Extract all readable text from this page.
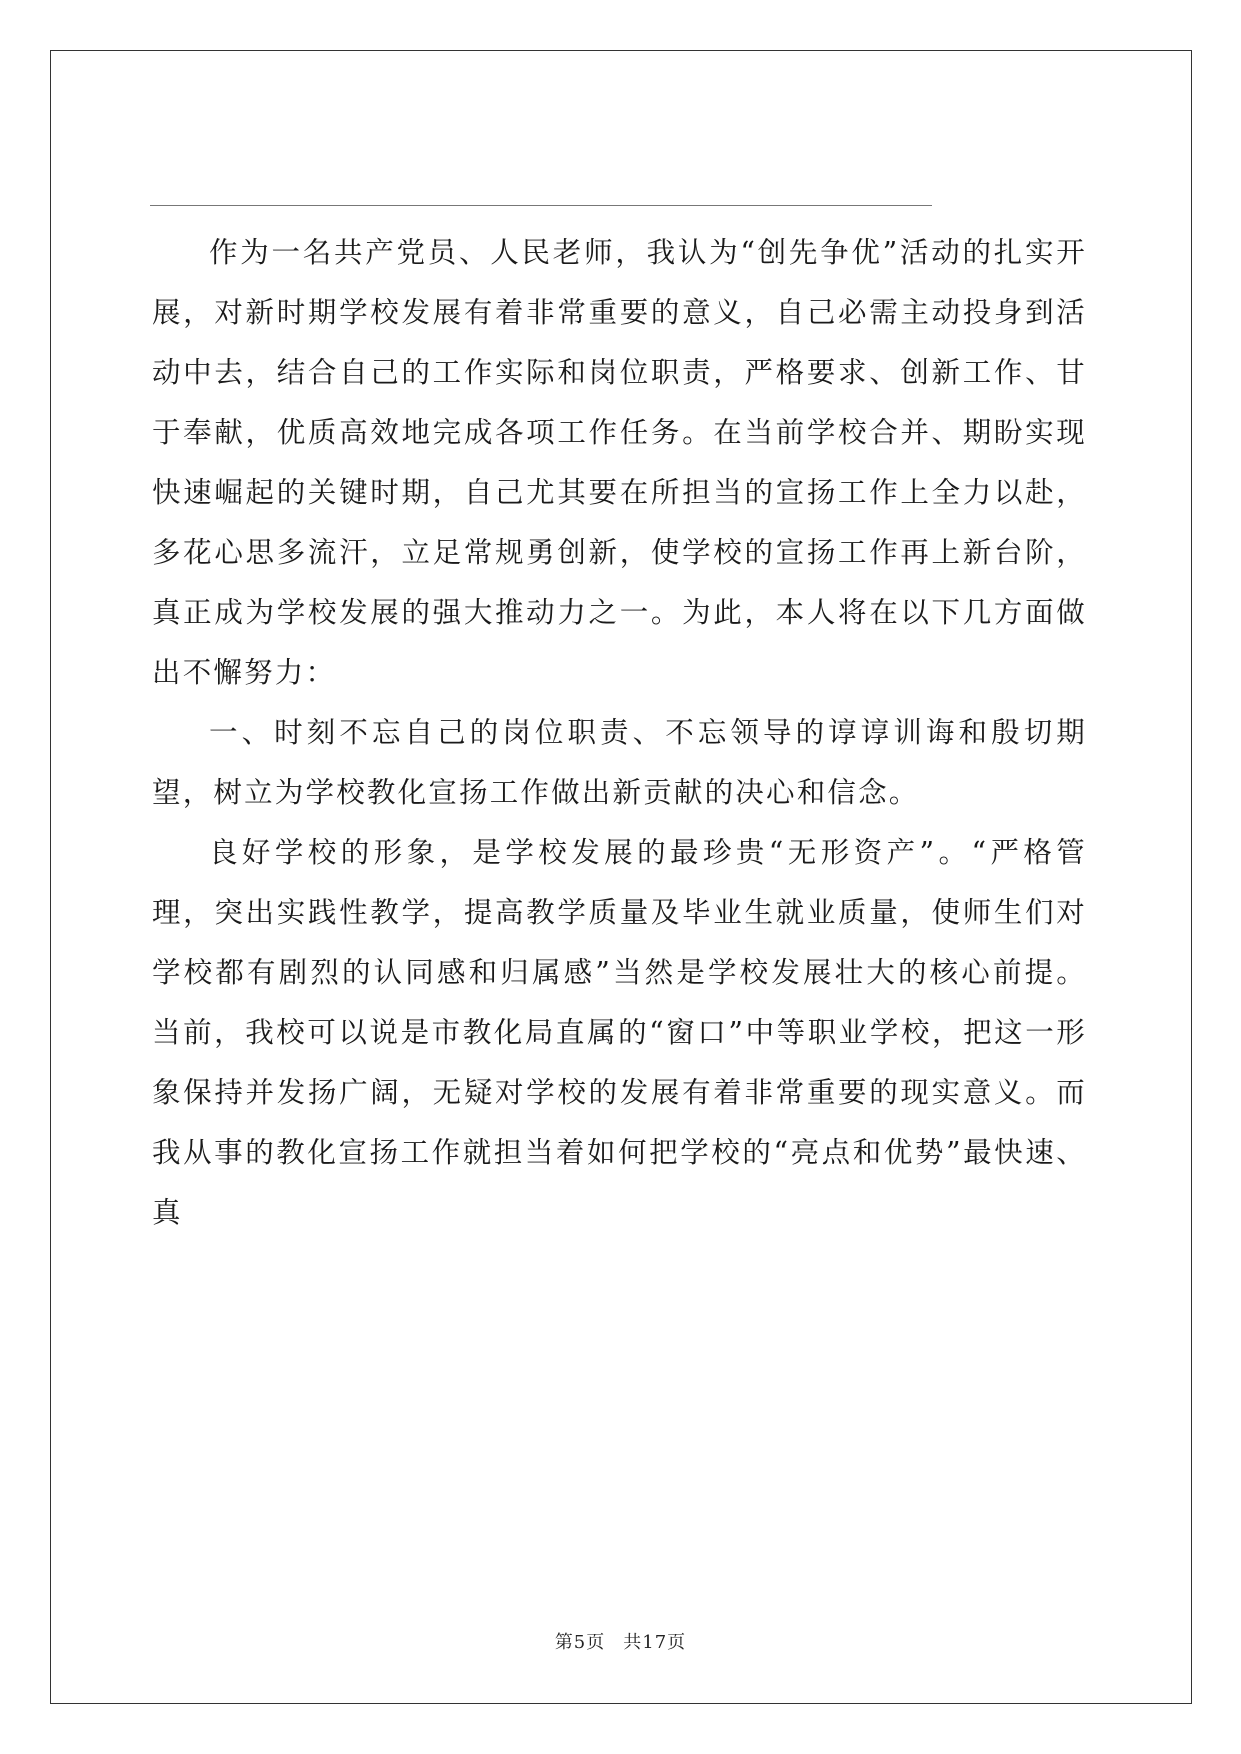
作为一名共产党员、人民老师，我认为“创先争优”活动的扎实开展，对新时期学校发展有着非常重要的意义，自己必需主动投身到活动中去，结合自己的工作实际和岗位职责，严格要求、创新工作、甘于奉献，优质高效地完成各项工作任务。在当前学校合并、期盼实现快速崛起的关键时期，自己尤其要在所担当的宣扬工作上全力以赴，多花心思多流汗，立足常规勇创新，使学校的宣扬工作再上新台阶，真正成为学校发展的强大推动力之一。为此，本人将在以下几方面做出不懈努力：

一、时刻不忘自己的岗位职责、不忘领导的谆谆训诲和殷切期望，树立为学校教化宣扬工作做出新贡献的决心和信念。

良好学校的形象，是学校发展的最珍贵“无形资产”。“严格管理，突出实践性教学，提高教学质量及毕业生就业质量，使师生们对学校都有剧烈的认同感和归属感”当然是学校发展壮大的核心前提。当前，我校可以说是市教化局直属的“窗口”中等职业学校，把这一形象保持并发扬广阔，无疑对学校的发展有着非常重要的现实意义。而我从事的教化宣扬工作就担当着如何把学校的“亮点和优势”最快速、真

第5页 共17页
